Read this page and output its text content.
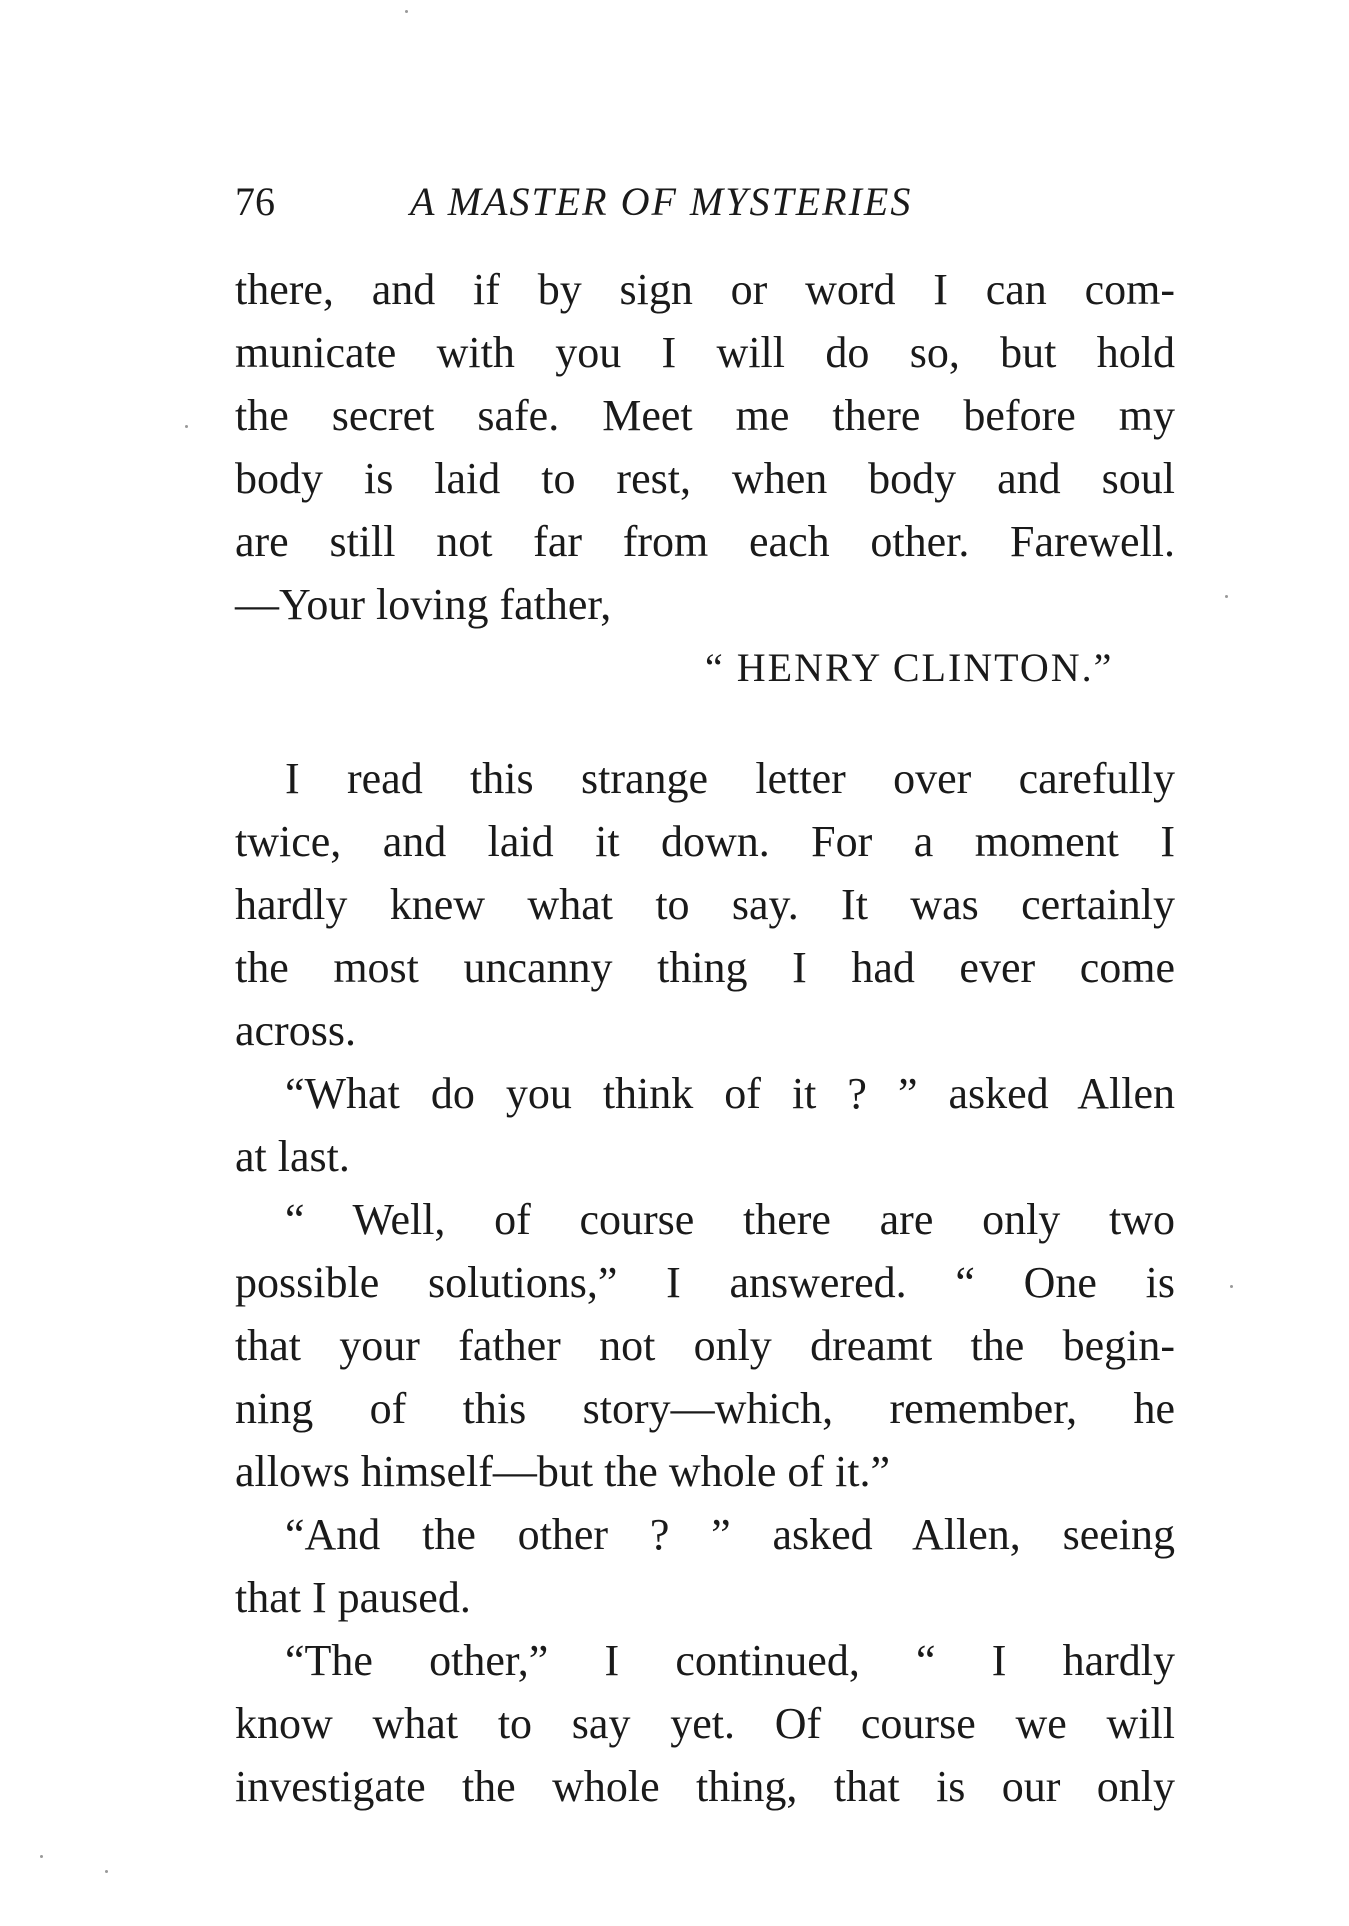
76	A MASTER OF MYSTERIES
there, and if by sign or word I can com-
municate with you I will do so, but hold
the secret safe. Meet me there before my
body is laid to rest, when body and soul
are still not far from each other. Farewell.
—Your loving father,
“ HENRY CLINTON.”
I read this strange letter over carefully
twice, and laid it down. For a moment I
hardly knew what to say. It was certainly
the most uncanny thing I had ever come
across.
“What do you think of it ? ” asked Allen
at last.
“ Well, of course there are only two
possible solutions,” I answered. “ One is
that your father not only dreamt the begin-
ning of this story—which, remember, he
allows himself—but the whole of it.”
“And the other ? ” asked Allen, seeing
that I paused.
“The other,” I continued, “ I hardly
know what to say yet. Of course we will
investigate the whole thing, that is our only
